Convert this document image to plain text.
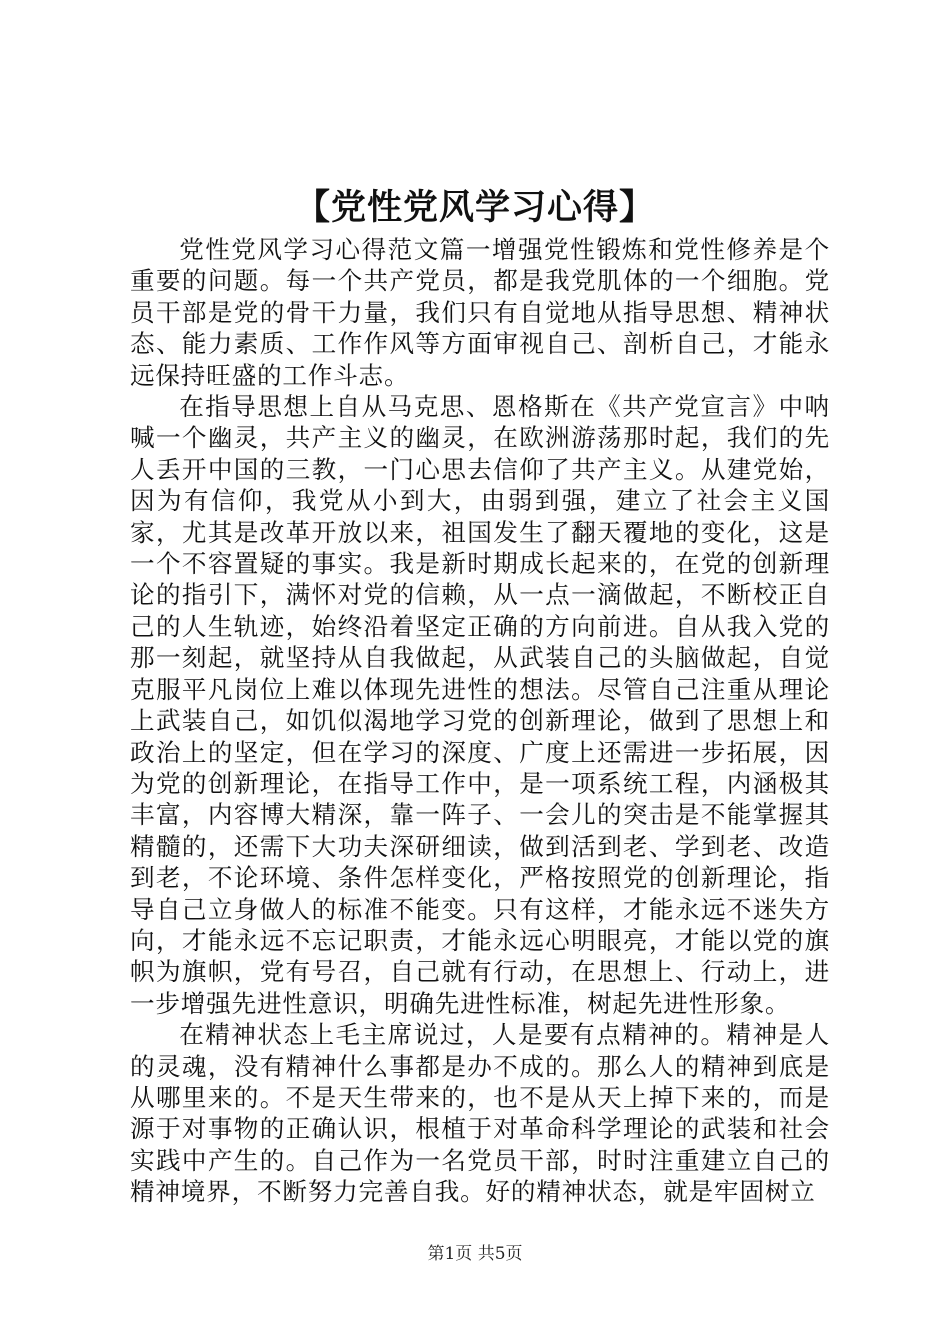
【党性党风学习心得】

党性党风学习心得范文篇一增强党性锻炼和党性修养是个重要的问题。每一个共产党员，都是我党肌体的一个细胞。党员干部是党的骨干力量，我们只有自觉地从指导思想、精神状态、能力素质、工作作风等方面审视自己、剖析自己，才能永远保持旺盛的工作斗志。

在指导思想上自从马克思、恩格斯在《共产党宣言》中呐喊一个幽灵，共产主义的幽灵，在欧洲游荡那时起，我们的先人丢开中国的三教，一门心思去信仰了共产主义。从建党始，因为有信仰，我党从小到大，由弱到强，建立了社会主义国家，尤其是改革开放以来，祖国发生了翻天覆地的变化，这是一个不容置疑的事实。我是新时期成长起来的，在党的创新理论的指引下，满怀对党的信赖，从一点一滴做起，不断校正自己的人生轨迹，始终沿着坚定正确的方向前进。自从我入党的那一刻起，就坚持从自我做起，从武装自己的头脑做起，自觉克服平凡岗位上难以体现先进性的想法。尽管自己注重从理论上武装自己，如饥似渴地学习党的创新理论，做到了思想上和政治上的坚定，但在学习的深度、广度上还需进一步拓展，因为党的创新理论，在指导工作中，是一项系统工程，内涵极其丰富，内容博大精深，靠一阵子、一会儿的突击是不能掌握其精髓的，还需下大功夫深研细读，做到活到老、学到老、改造到老，不论环境、条件怎样变化，严格按照党的创新理论，指导自己立身做人的标准不能变。只有这样，才能永远不迷失方向，才能永远不忘记职责，才能永远心明眼亮，才能以党的旗帜为旗帜，党有号召，自己就有行动，在思想上、行动上，进一步增强先进性意识，明确先进性标准，树起先进性形象。

在精神状态上毛主席说过，人是要有点精神的。精神是人的灵魂，没有精神什么事都是办不成的。那么人的精神到底是从哪里来的。不是天生带来的，也不是从天上掉下来的，而是源于对事物的正确认识，根植于对革命科学理论的武装和社会实践中产生的。自己作为一名党员干部，时时注重建立自己的精神境界，不断努力完善自我。好的精神状态，就是牢固树立

第1页 共5页
